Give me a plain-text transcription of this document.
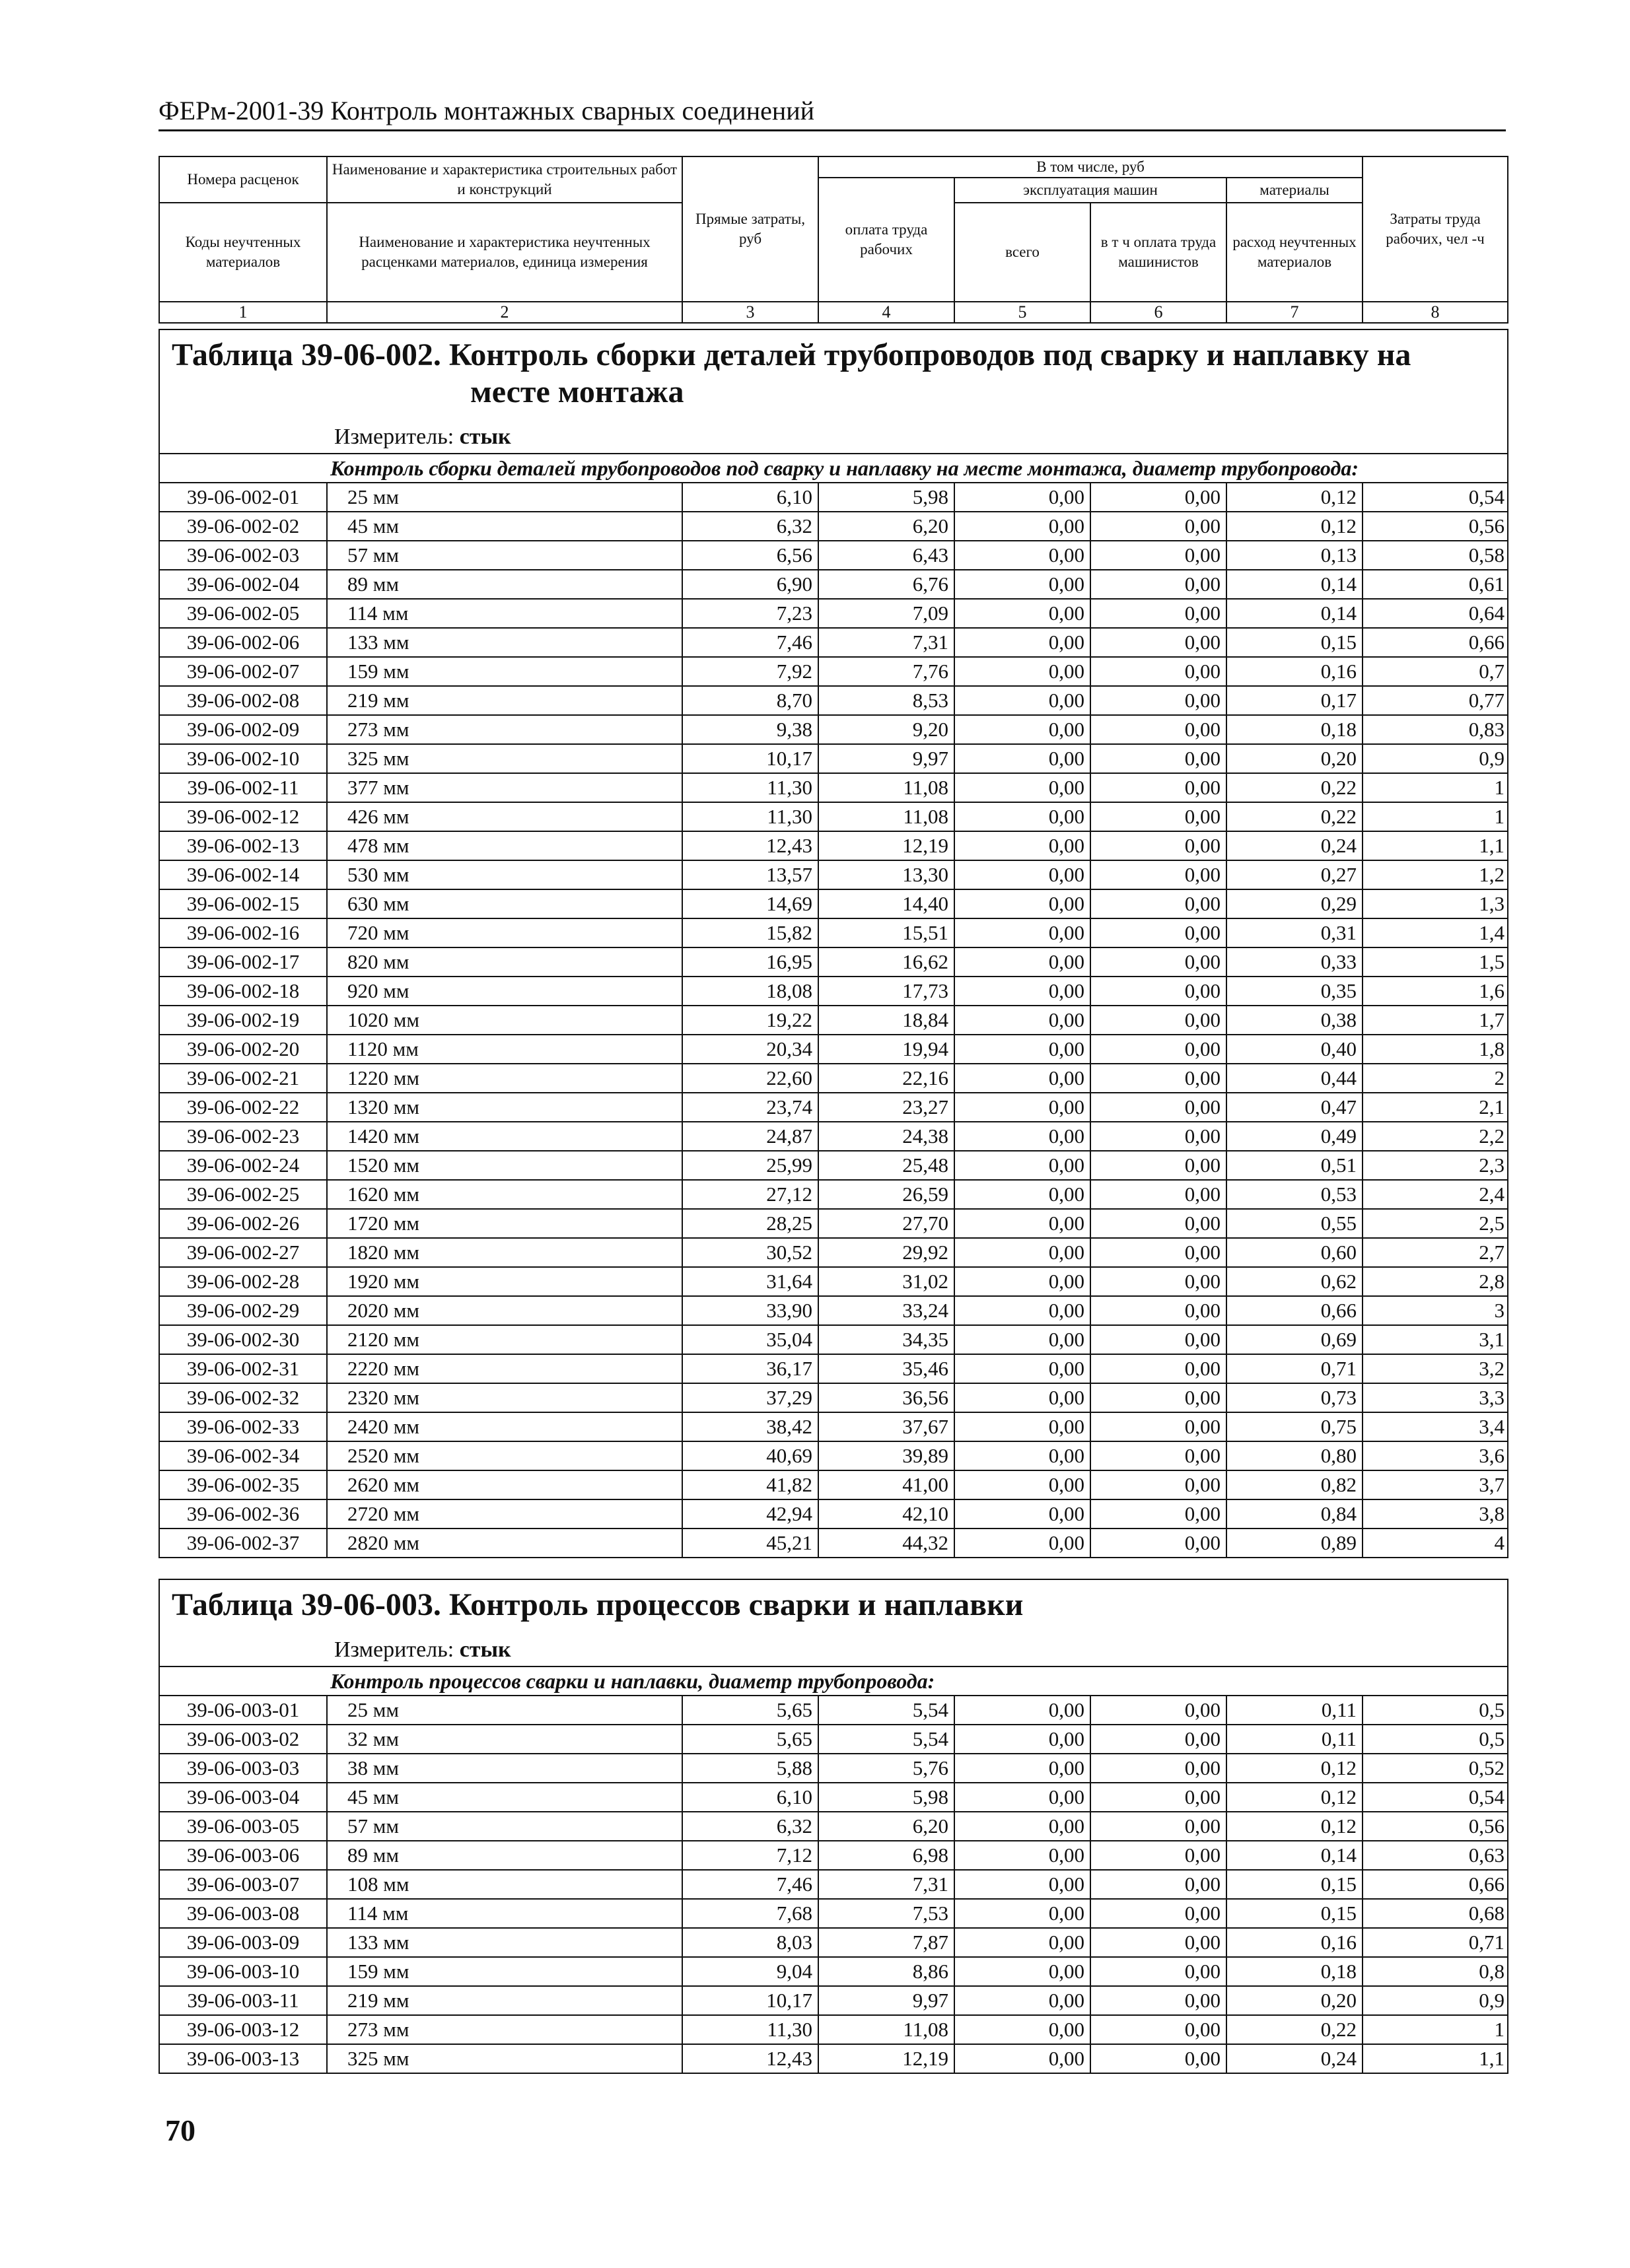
ФЕРм-2001-39 Контроль монтажных сварных соединений
Номера расценок	Наименование и характеристика строительных работ и конструкций	Прямые затраты, руб	В том числе, руб				Затраты труда рабочих, чел -ч
			оплата труда рабочих	эксплуатация машин		материалы	
Коды неучтенных материалов	Наименование и характеристика неучтенных расценками материалов, единица измерения			всего	в т ч оплата труда машинистов	расход неучтенных материалов	
1	2	3	4	5	6	7	8
Таблица 39-06-002. Контроль сборки деталей трубопроводов под сварку и наплавку на
месте монтажа
Измеритель: стык							

Контроль сборки деталей трубопроводов под сварку и наплавку на месте монтажа, диаметр трубопровода:							
39-06-002-01	25 мм	6,10	5,98	0,00	0,00	0,12	0,54
39-06-002-02	45 мм	6,32	6,20	0,00	0,00	0,12	0,56
39-06-002-03	57 мм	6,56	6,43	0,00	0,00	0,13	0,58
39-06-002-04	89 мм	6,90	6,76	0,00	0,00	0,14	0,61
39-06-002-05	114 мм	7,23	7,09	0,00	0,00	0,14	0,64
39-06-002-06	133 мм	7,46	7,31	0,00	0,00	0,15	0,66
39-06-002-07	159 мм	7,92	7,76	0,00	0,00	0,16	0,7
39-06-002-08	219 мм	8,70	8,53	0,00	0,00	0,17	0,77
39-06-002-09	273 мм	9,38	9,20	0,00	0,00	0,18	0,83
39-06-002-10	325 мм	10,17	9,97	0,00	0,00	0,20	0,9
39-06-002-11	377 мм	11,30	11,08	0,00	0,00	0,22	1
39-06-002-12	426 мм	11,30	11,08	0,00	0,00	0,22	1
39-06-002-13	478 мм	12,43	12,19	0,00	0,00	0,24	1,1
39-06-002-14	530 мм	13,57	13,30	0,00	0,00	0,27	1,2
39-06-002-15	630 мм	14,69	14,40	0,00	0,00	0,29	1,3
39-06-002-16	720 мм	15,82	15,51	0,00	0,00	0,31	1,4
39-06-002-17	820 мм	16,95	16,62	0,00	0,00	0,33	1,5
39-06-002-18	920 мм	18,08	17,73	0,00	0,00	0,35	1,6
39-06-002-19	1020 мм	19,22	18,84	0,00	0,00	0,38	1,7
39-06-002-20	1120 мм	20,34	19,94	0,00	0,00	0,40	1,8
39-06-002-21	1220 мм	22,60	22,16	0,00	0,00	0,44	2
39-06-002-22	1320 мм	23,74	23,27	0,00	0,00	0,47	2,1
39-06-002-23	1420 мм	24,87	24,38	0,00	0,00	0,49	2,2
39-06-002-24	1520 мм	25,99	25,48	0,00	0,00	0,51	2,3
39-06-002-25	1620 мм	27,12	26,59	0,00	0,00	0,53	2,4
39-06-002-26	1720 мм	28,25	27,70	0,00	0,00	0,55	2,5
39-06-002-27	1820 мм	30,52	29,92	0,00	0,00	0,60	2,7
39-06-002-28	1920 мм	31,64	31,02	0,00	0,00	0,62	2,8
39-06-002-29	2020 мм	33,90	33,24	0,00	0,00	0,66	3
39-06-002-30	2120 мм	35,04	34,35	0,00	0,00	0,69	3,1
39-06-002-31	2220 мм	36,17	35,46	0,00	0,00	0,71	3,2
39-06-002-32	2320 мм	37,29	36,56	0,00	0,00	0,73	3,3
39-06-002-33	2420 мм	38,42	37,67	0,00	0,00	0,75	3,4
39-06-002-34	2520 мм	40,69	39,89	0,00	0,00	0,80	3,6
39-06-002-35	2620 мм	41,82	41,00	0,00	0,00	0,82	3,7
39-06-002-36	2720 мм	42,94	42,10	0,00	0,00	0,84	3,8
39-06-002-37	2820 мм	45,21	44,32	0,00	0,00	0,89	4
Таблица 39-06-003. Контроль процессов сварки и наплавки
Измеритель: стык							

Контроль процессов сварки и наплавки, диаметр трубопровода:							
39-06-003-01	25 мм	5,65	5,54	0,00	0,00	0,11	0,5
39-06-003-02	32 мм	5,65	5,54	0,00	0,00	0,11	0,5
39-06-003-03	38 мм	5,88	5,76	0,00	0,00	0,12	0,52
39-06-003-04	45 мм	6,10	5,98	0,00	0,00	0,12	0,54
39-06-003-05	57 мм	6,32	6,20	0,00	0,00	0,12	0,56
39-06-003-06	89 мм	7,12	6,98	0,00	0,00	0,14	0,63
39-06-003-07	108 мм	7,46	7,31	0,00	0,00	0,15	0,66
39-06-003-08	114 мм	7,68	7,53	0,00	0,00	0,15	0,68
39-06-003-09	133 мм	8,03	7,87	0,00	0,00	0,16	0,71
39-06-003-10	159 мм	9,04	8,86	0,00	0,00	0,18	0,8
39-06-003-11	219 мм	10,17	9,97	0,00	0,00	0,20	0,9
39-06-003-12	273 мм	11,30	11,08	0,00	0,00	0,22	1
39-06-003-13	325 мм	12,43	12,19	0,00	0,00	0,24	1,1
70
